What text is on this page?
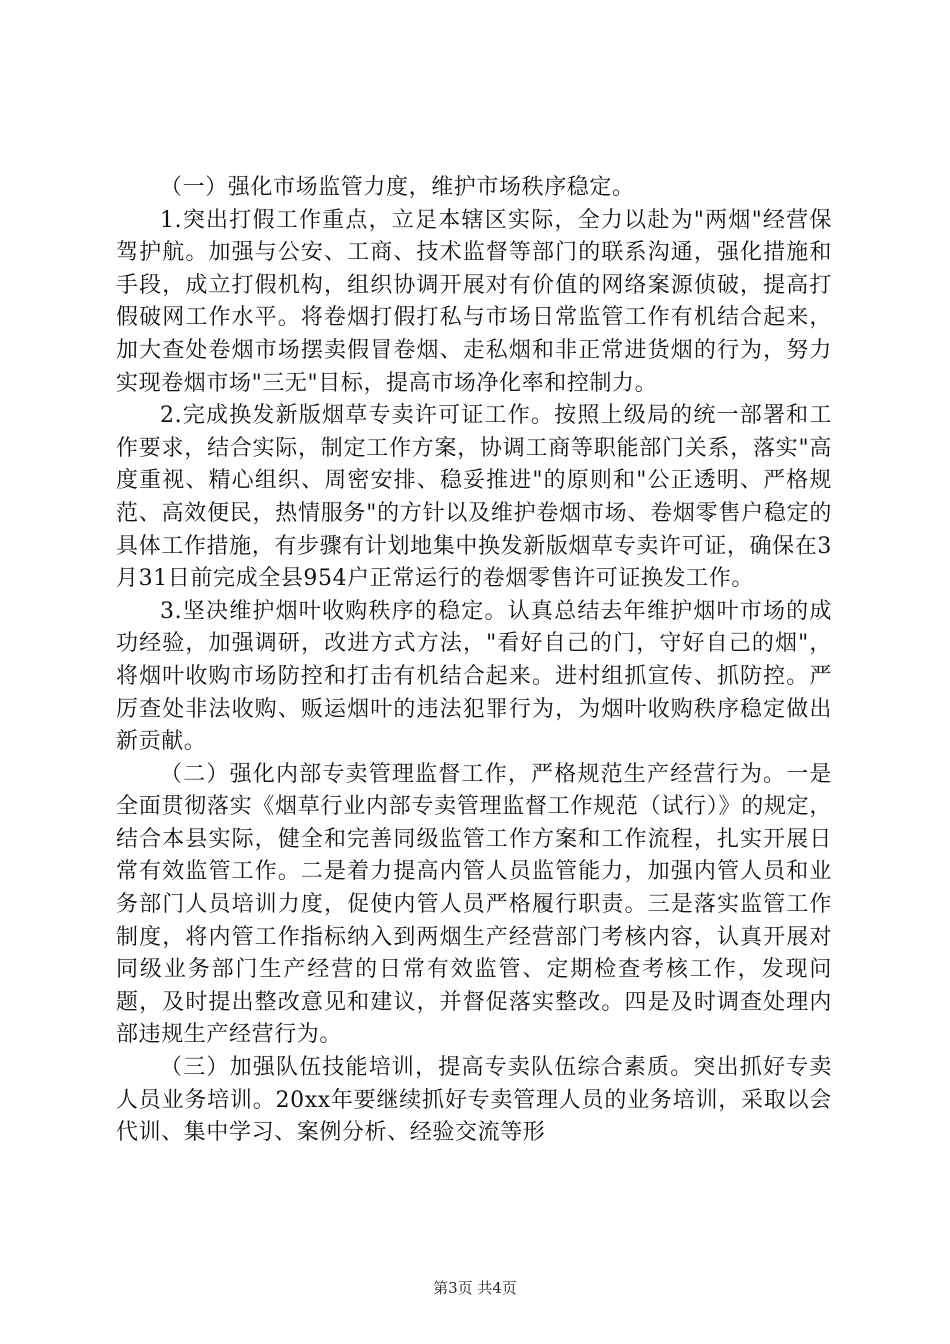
（一）强化市场监管力度，维护市场秩序稳定。

1.突出打假工作重点，立足本辖区实际，全力以赴为"两烟"经营保驾护航。加强与公安、工商、技术监督等部门的联系沟通，强化措施和手段，成立打假机构，组织协调开展对有价值的网络案源侦破，提高打假破网工作水平。将卷烟打假打私与市场日常监管工作有机结合起来，加大查处卷烟市场摆卖假冒卷烟、走私烟和非正常进货烟的行为，努力实现卷烟市场"三无"目标，提高市场净化率和控制力。

2.完成换发新版烟草专卖许可证工作。按照上级局的统一部署和工作要求，结合实际，制定工作方案，协调工商等职能部门关系，落实"高度重视、精心组织、周密安排、稳妥推进"的原则和"公正透明、严格规范、高效便民，热情服务"的方针以及维护卷烟市场、卷烟零售户稳定的具体工作措施，有步骤有计划地集中换发新版烟草专卖许可证，确保在3月31日前完成全县954户正常运行的卷烟零售许可证换发工作。

3.坚决维护烟叶收购秩序的稳定。认真总结去年维护烟叶市场的成功经验，加强调研，改进方式方法，"看好自己的门，守好自己的烟"，将烟叶收购市场防控和打击有机结合起来。进村组抓宣传、抓防控。严厉查处非法收购、贩运烟叶的违法犯罪行为，为烟叶收购秩序稳定做出新贡献。

（二）强化内部专卖管理监督工作，严格规范生产经营行为。一是全面贯彻落实《烟草行业内部专卖管理监督工作规范（试行）》的规定，结合本县实际，健全和完善同级监管工作方案和工作流程，扎实开展日常有效监管工作。二是着力提高内管人员监管能力，加强内管人员和业务部门人员培训力度，促使内管人员严格履行职责。三是落实监管工作制度，将内管工作指标纳入到两烟生产经营部门考核内容，认真开展对同级业务部门生产经营的日常有效监管、定期检查考核工作，发现问题，及时提出整改意见和建议，并督促落实整改。四是及时调查处理内部违规生产经营行为。

（三）加强队伍技能培训，提高专卖队伍综合素质。突出抓好专卖人员业务培训。20xx年要继续抓好专卖管理人员的业务培训，采取以会代训、集中学习、案例分析、经验交流等形

第3页 共4页
